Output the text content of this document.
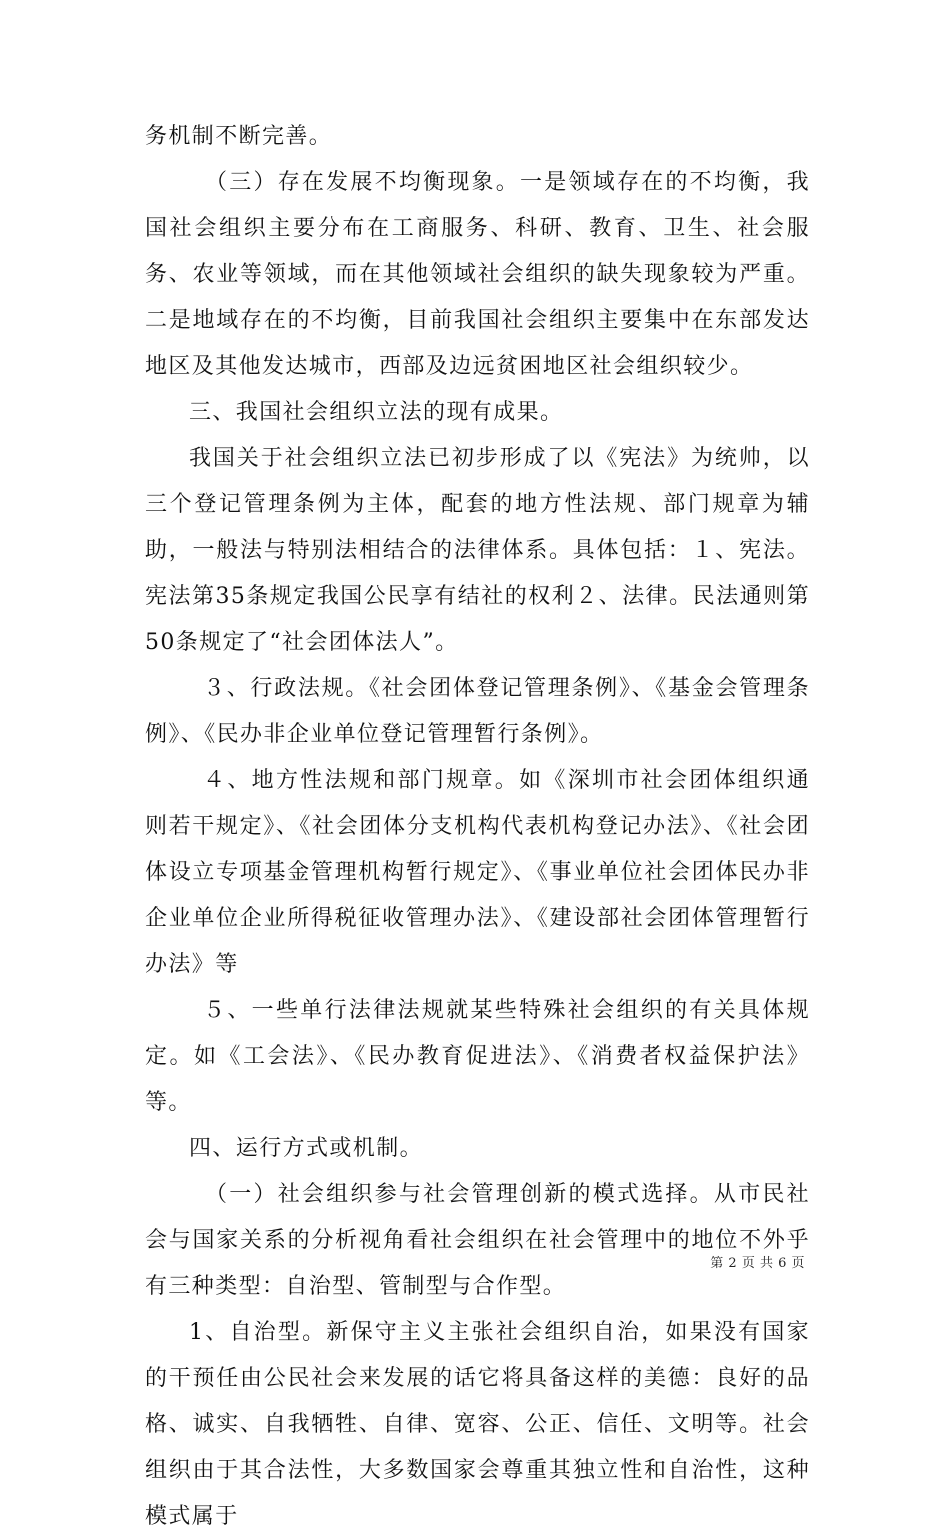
务机制不断完善。

（三）存在发展不均衡现象。一是领域存在的不均衡，我国社会组织主要分布在工商服务、科研、教育、卫生、社会服务、农业等领域，而在其他领域社会组织的缺失现象较为严重。二是地域存在的不均衡，目前我国社会组织主要集中在东部发达地区及其他发达城市，西部及边远贫困地区社会组织较少。

三、我国社会组织立法的现有成果。

我国关于社会组织立法已初步形成了以《宪法》为统帅，以三个登记管理条例为主体，配套的地方性法规、部门规章为辅助，一般法与特别法相结合的法律体系。具体包括：１、宪法。宪法第35条规定我国公民享有结社的权利２、法律。民法通则第50条规定了“社会团体法人”。

３、行政法规。《社会团体登记管理条例》、《基金会管理条例》、《民办非企业单位登记管理暂行条例》。

４、地方性法规和部门规章。如《深圳市社会团体组织通则若干规定》、《社会团体分支机构代表机构登记办法》、《社会团体设立专项基金管理机构暂行规定》、《事业单位社会团体民办非企业单位企业所得税征收管理办法》、《建设部社会团体管理暂行办法》等

５、一些单行法律法规就某些特殊社会组织的有关具体规定。如《工会法》、《民办教育促进法》、《消费者权益保护法》等。

四、运行方式或机制。

（一）社会组织参与社会管理创新的模式选择。从市民社会与国家关系的分析视角看社会组织在社会管理中的地位不外乎有三种类型：自治型、管制型与合作型。

1、自治型。新保守主义主张社会组织自治，如果没有国家的干预任由公民社会来发展的话它将具备这样的美德：良好的品格、诚实、自我牺牲、自律、宽容、公正、信任、文明等。社会组织由于其合法性，大多数国家会尊重其独立性和自治性，这种模式属于

第 2 页 共 6 页
